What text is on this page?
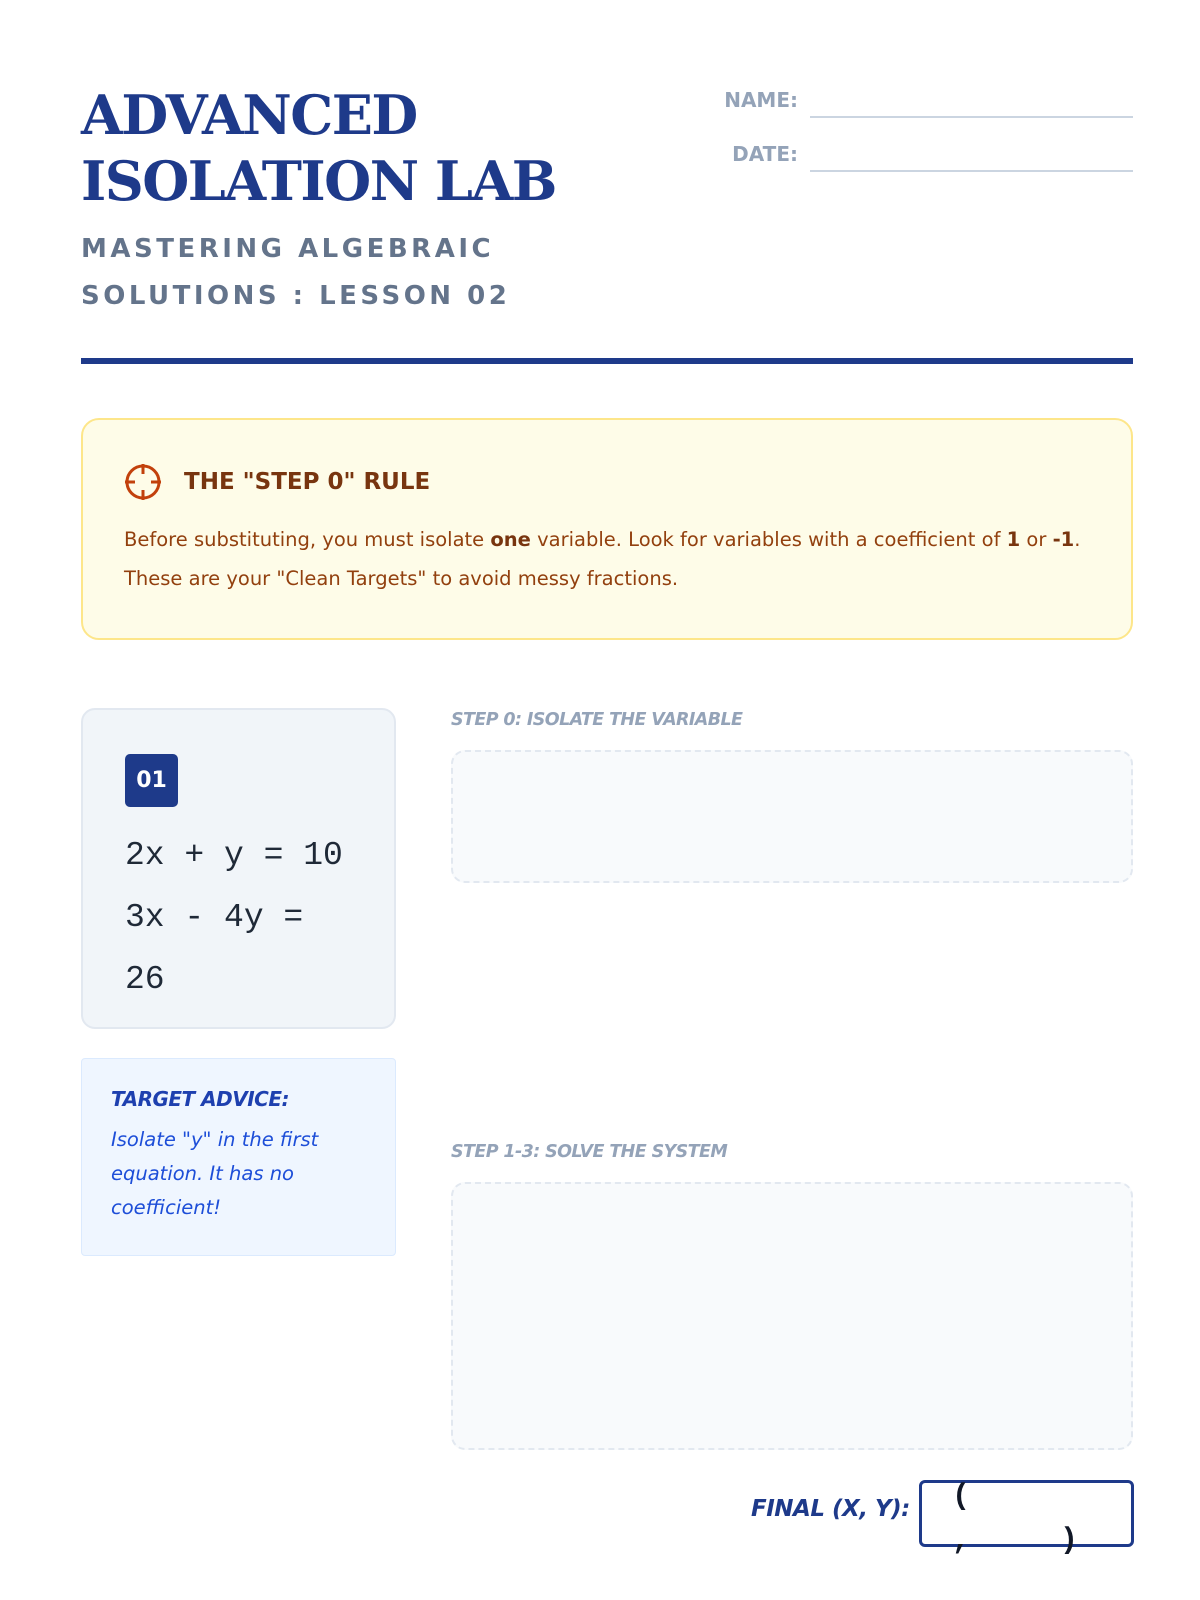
ADVANCED
ISOLATION LAB

MASTERING ALGEBRAIC SOLUTIONS : LESSON 02

NAME:
DATE:
THE "STEP 0" RULE
Before substituting, you must isolate one variable. Look for variables with a coefficient of 1 or -1. These are your "Clean Targets" to avoid messy fractions.
01
2x + y = 10
3x - 4y = 26
TARGET ADVICE:
Isolate "y" in the first equation. It has no coefficient!
STEP 0: ISOLATE THE VARIABLE
STEP 1-3: SOLVE THE SYSTEM
FINAL (X, Y): (      ,     )
